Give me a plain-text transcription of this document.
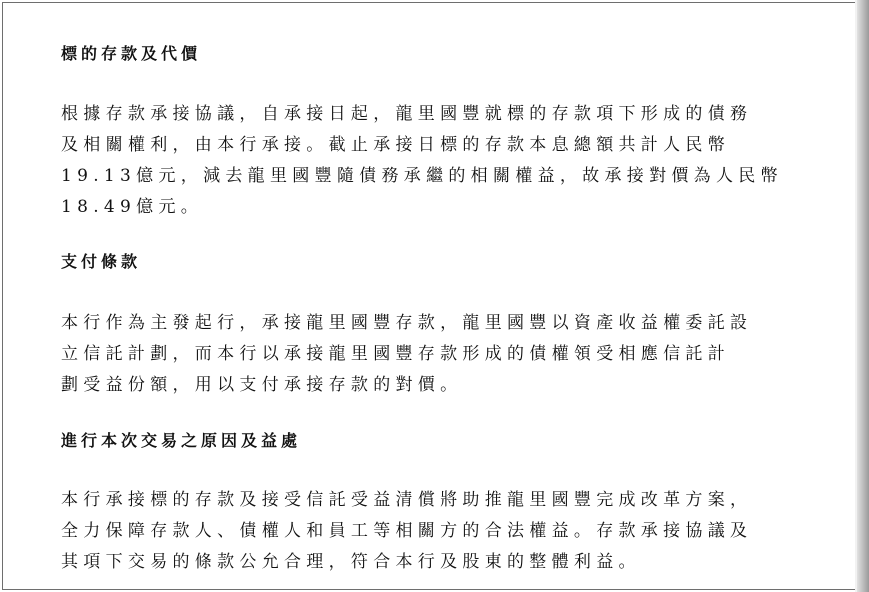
標的存款及代價
根據存款承接協議，自承接日起，龍里國豐就標的存款項下形成的債務
及相關權利，由本行承接。截止承接日標的存款本息總額共計人民幣
19.13億元，減去龍里國豐隨債務承繼的相關權益，故承接對價為人民幣
18.49億元。
支付條款
本行作為主發起行，承接龍里國豐存款，龍里國豐以資產收益權委託設
立信託計劃，而本行以承接龍里國豐存款形成的債權領受相應信託計
劃受益份額，用以支付承接存款的對價。
進行本次交易之原因及益處
本行承接標的存款及接受信託受益清償將助推龍里國豐完成改革方案，
全力保障存款人、債權人和員工等相關方的合法權益。存款承接協議及
其項下交易的條款公允合理，符合本行及股東的整體利益。
